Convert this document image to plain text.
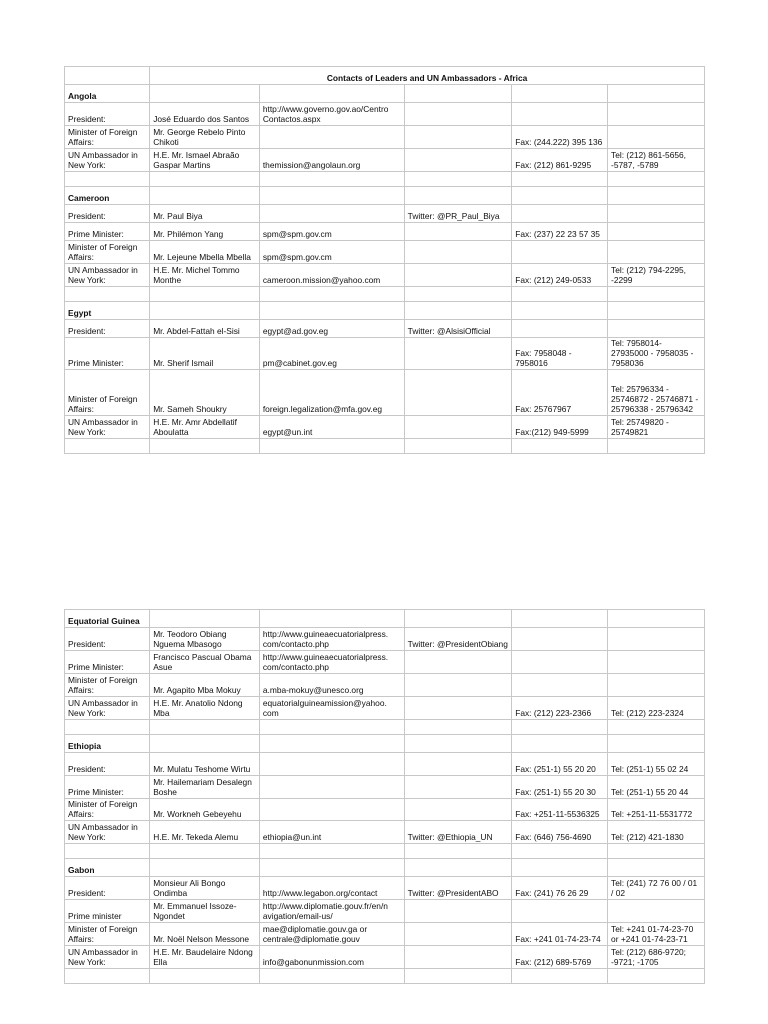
	Contacts of Leaders and UN Ambassadors - Africa				
Angola					
President:	José Eduardo dos Santos	http://www.governo.gov.ao/Centro Contactos.aspx			
Minister of Foreign Affairs:	Mr. George Rebelo Pinto Chikoti			Fax: (244.222) 395 136	
UN Ambassador in New York:	H.E. Mr. Ismael Abraão Gaspar Martins	themission@angolaun.org		Fax: (212) 861-9295	Tel: (212) 861-5656, -5787, -5789

Cameroon					
President:	Mr. Paul Biya		Twitter: @PR_Paul_Biya		
Prime Minister:	Mr. Philémon Yang	spm@spm.gov.cm		Fax: (237) 22 23 57 35	
Minister of Foreign Affairs:	Mr. Lejeune Mbella Mbella	spm@spm.gov.cm			
UN Ambassador in New York:	H.E. Mr. Michel Tommo Monthe	cameroon.mission@yahoo.com		Fax: (212) 249-0533	Tel: (212) 794-2295, -2299

Egypt					
President:	Mr. Abdel-Fattah el-Sisi	egypt@ad.gov.eg	Twitter: @AlsisiOfficial		
Prime Minister:	Mr. Sherif Ismail	pm@cabinet.gov.eg		Fax: 7958048 - 7958016	Tel: 7958014- 27935000 - 7958035 - 7958036
Minister of Foreign Affairs:	Mr. Sameh Shoukry	foreign.legalization@mfa.gov.eg		Fax: 25767967	Tel: 25796334 - 25746872 - 25746871 - 25796338 - 25796342
UN Ambassador in New York:	H.E. Mr. Amr Abdellatif Aboulatta	egypt@un.int		Fax:(212) 949-5999	Tel: 25749820 - 25749821

Equatorial Guinea					
President:	Mr. Teodoro Obiang Nguema Mbasogo	http://www.guineaecuatorialpress. com/contacto.php	Twitter: @PresidentObiang		
Prime Minister:	Francisco Pascual Obama Asue	http://www.guineaecuatorialpress. com/contacto.php			
Minister of Foreign Affairs:	Mr. Agapito Mba Mokuy	a.mba-mokuy@unesco.org			
UN Ambassador in New York:	H.E. Mr. Anatolio Ndong Mba	equatorialguineamission@yahoo. com		Fax: (212) 223-2366	Tel: (212) 223-2324

Ethiopia					
President:	Mr. Mulatu Teshome Wirtu			Fax: (251-1) 55 20 20	Tel: (251-1) 55 02 24
Prime Minister:	Mr. Hailemariam Desalegn Boshe			Fax: (251-1) 55 20 30	Tel: (251-1) 55 20 44
Minister of Foreign Affairs:	Mr. Workneh Gebeyehu			Fax: +251-11-5536325	Tel: +251-11-5531772
UN Ambassador in New York:	H.E. Mr. Tekeda Alemu	ethiopia@un.int	Twitter: @Ethiopia_UN	Fax: (646) 756-4690	Tel: (212) 421-1830

Gabon					
President:	Monsieur Ali Bongo Ondimba	http://www.legabon.org/contact	Twitter: @PresidentABO	Fax: (241) 76 26 29	Tel: (241) 72 76 00 / 01 / 02
Prime minister	Mr. Emmanuel Issoze-Ngondet	http://www.diplomatie.gouv.fr/en/n avigation/email-us/			
Minister of Foreign Affairs:	Mr. Noël Nelson Messone	mae@diplomatie.gouv.ga or centrale@diplomatie.gouv		Fax: +241 01-74-23-74	Tel: +241 01-74-23-70 or +241 01-74-23-71
UN Ambassador in New York:	H.E. Mr. Baudelaire Ndong Ella	info@gabonunmission.com		Fax: (212) 689-5769	Tel: (212) 686-9720; -9721; -1705
